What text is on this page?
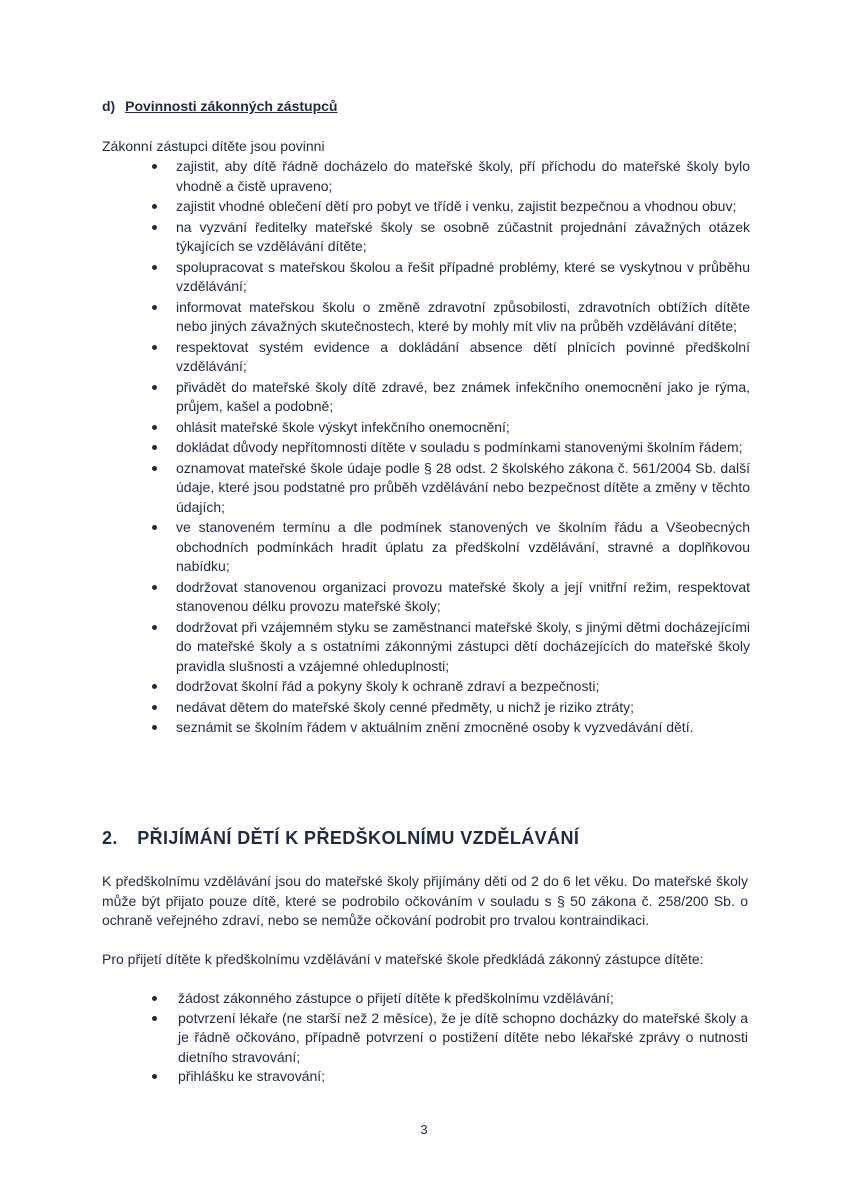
d) Povinnosti zákonných zástupců
Zákonní zástupci dítěte jsou povinni
zajistit, aby dítě řádně docházelo do mateřské školy, pří příchodu do mateřské školy bylo vhodně a čistě upraveno;
zajistit vhodné oblečení dětí pro pobyt ve třídě i venku, zajistit bezpečnou a vhodnou obuv;
na vyzvání ředitelky mateřské školy se osobně zúčastnit projednání závažných otázek týkajících se vzdělávání dítěte;
spolupracovat s mateřskou školou a řešit případné problémy, které se vyskytnou v průběhu vzdělávání;
informovat mateřskou školu o změně zdravotní způsobilosti, zdravotních obtížích dítěte nebo jiných závažných skutečnostech, které by mohly mít vliv na průběh vzdělávání dítěte;
respektovat systém evidence a dokládání absence dětí plnících povinné předškolní vzdělávání;
přivádět do mateřské školy dítě zdravé, bez známek infekčního onemocnění jako je rýma, průjem, kašel a podobně;
ohlásit mateřské škole výskyt infekčního onemocnění;
dokládat důvody nepřítomnosti dítěte v souladu s podmínkami stanovenými školním řádem;
oznamovat mateřské škole údaje podle § 28 odst. 2 školského zákona č. 561/2004 Sb. další údaje, které jsou podstatné pro průběh vzdělávání nebo bezpečnost dítěte a změny v těchto údajích;
ve stanoveném termínu a dle podmínek stanovených ve školním řádu a Všeobecných obchodních podmínkách hradit úplatu za předškolní vzdělávání, stravné a doplňkovou nabídku;
dodržovat stanovenou organizaci provozu mateřské školy a její vnitřní režim, respektovat stanovenou délku provozu mateřské školy;
dodržovat při vzájemném styku se zaměstnanci mateřské školy, s jinými dětmi docházejícími do mateřské školy a s ostatními zákonnými zástupci dětí docházejících do mateřské školy pravidla slušnosti a vzájemné ohleduplnosti;
dodržovat školní řád a pokyny školy k ochraně zdraví a bezpečnosti;
nedávat dětem do mateřské školy cenné předměty, u nichž je riziko ztráty;
seznámit se školním řádem v aktuálním znění zmocněné osoby k vyzvedávání dětí.
2. PŘIJÍMÁNÍ DĚTÍ K PŘEDŠKOLNÍMU VZDĚLÁVÁNÍ

K předškolnímu vzdělávání jsou do mateřské školy přijímány děti od 2 do 6 let věku. Do mateřské školy může být přijato pouze dítě, které se podrobilo očkováním v souladu s § 50 zákona č. 258/200 Sb. o ochraně veřejného zdraví, nebo se nemůže očkování podrobit pro trvalou kontraindikaci.

Pro přijetí dítěte k předškolnímu vzdělávání v mateřské škole předkládá zákonný zástupce dítěte:

žádost zákonného zástupce o přijetí dítěte k předškolnímu vzdělávání;
potvrzení lékaře (ne starší než 2 měsíce), že je dítě schopno docházky do mateřské školy a je řádně očkováno, případně potvrzení o postižení dítěte nebo lékařské zprávy o nutnosti dietního stravování;
přihlášku ke stravování;
3
